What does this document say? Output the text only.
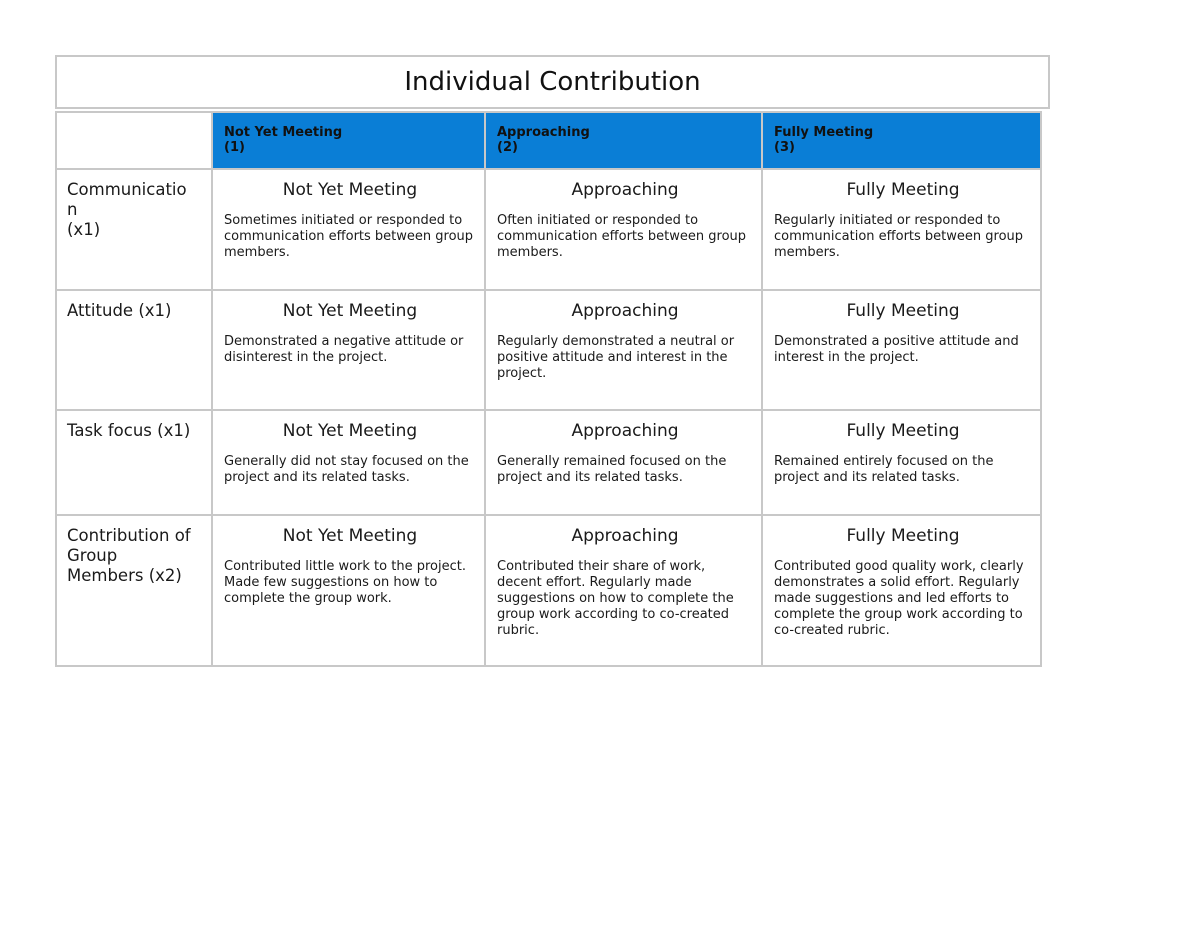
Individual Contribution

	Not Yet Meeting
(1)	Approaching
(2)	Fully Meeting
(3)

Communicatio
n
(x1)	Not Yet Meeting
Sometimes initiated or responded to communication efforts between group members.	Approaching
Often initiated or responded to communication efforts between group members.	Fully Meeting
Regularly initiated or responded to communication efforts between group members.

Attitude (x1)	Not Yet Meeting
Demonstrated a negative attitude or disinterest in the project.	Approaching
Regularly demonstrated a neutral or positive attitude and interest in the project.	Fully Meeting
Demonstrated a positive attitude and interest in the project.

Task focus (x1)	Not Yet Meeting
Generally did not stay focused on the project and its related tasks.	Approaching
Generally remained focused on the project and its related tasks.	Fully Meeting
Remained entirely focused on the project and its related tasks.

Contribution of
Group
Members (x2)	Not Yet Meeting
Contributed little work to the project. Made few suggestions on how to complete the group work.	Approaching
Contributed their share of work, decent effort. Regularly made suggestions on how to complete the group work according to co-created rubric.	Fully Meeting
Contributed good quality work, clearly demonstrates a solid effort. Regularly made suggestions and led efforts to complete the group work according to co-created rubric.
